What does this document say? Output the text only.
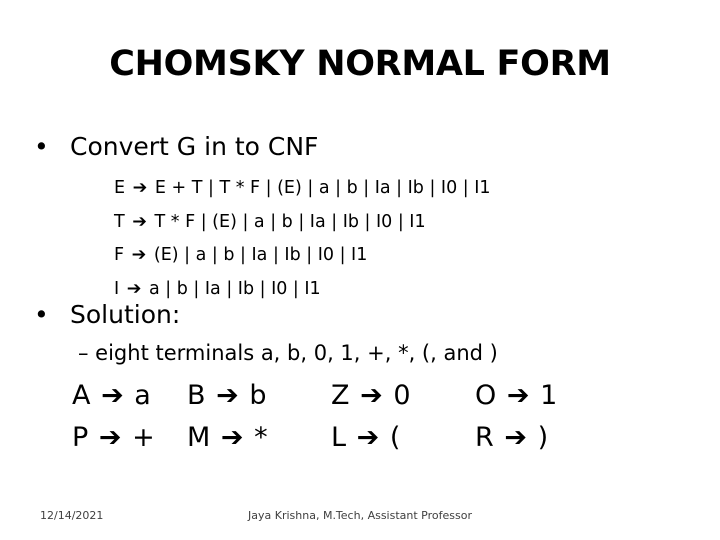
CHOMSKY NORMAL FORM
• Convert G in to CNF
E ➔ E + T | T * F | (E) | a | b | Ia | Ib | I0 | I1
T ➔ T * F | (E) | a | b | Ia | Ib | I0 | I1
F ➔ (E) | a | b | Ia | Ib | I0 | I1
I ➔ a | b | Ia | Ib | I0 | I1
• Solution:
– eight terminals a, b, 0, 1, +, *, (, and )
A ➔ a B ➔ b Z ➔ 0 O ➔ 1
P ➔ + M ➔ * L ➔ (	R ➔ )
12/14/2021	Jaya Krishna, M.Tech, Assistant Professor
